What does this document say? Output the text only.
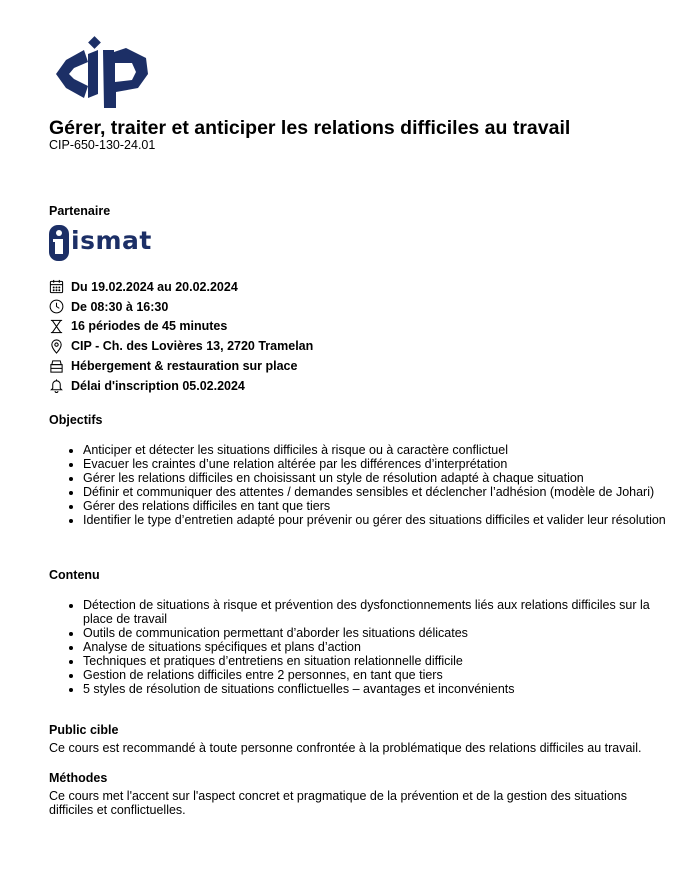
Gérer, traiter et anticiper les relations difficiles au travail
CIP-650-130-24.01
Partenaire
ismat
Du 19.02.2024 au 20.02.2024
De 08:30 à 16:30
16 périodes de 45 minutes
CIP - Ch. des Lovières 13, 2720 Tramelan
Hébergement & restauration sur place
Délai d'inscription 05.02.2024
Objectifs
• Anticiper et détecter les situations difficiles à risque ou à caractère conflictuel
• Evacuer les craintes d’une relation altérée par les différences d’interprétation
• Gérer les relations difficiles en choisissant un style de résolution adapté à chaque situation
• Définir et communiquer des attentes / demandes sensibles et déclencher l’adhésion (modèle de Johari)
• Gérer des relations difficiles en tant que tiers
• Identifier le type d’entretien adapté pour prévenir ou gérer des situations difficiles et valider leur résolution
Contenu
• Détection de situations à risque et prévention des dysfonctionnements liés aux relations difficiles sur la place de travail
• Outils de communication permettant d’aborder les situations délicates
• Analyse de situations spécifiques et plans d’action
• Techniques et pratiques d’entretiens en situation relationnelle difficile
• Gestion de relations difficiles entre 2 personnes, en tant que tiers
• 5 styles de résolution de situations conflictuelles – avantages et inconvénients
Public cible

Ce cours est recommandé à toute personne confrontée à la problématique des relations difficiles au travail.

Méthodes

Ce cours met l'accent sur l'aspect concret et pragmatique de la prévention et de la gestion des situations difficiles et conflictuelles.
